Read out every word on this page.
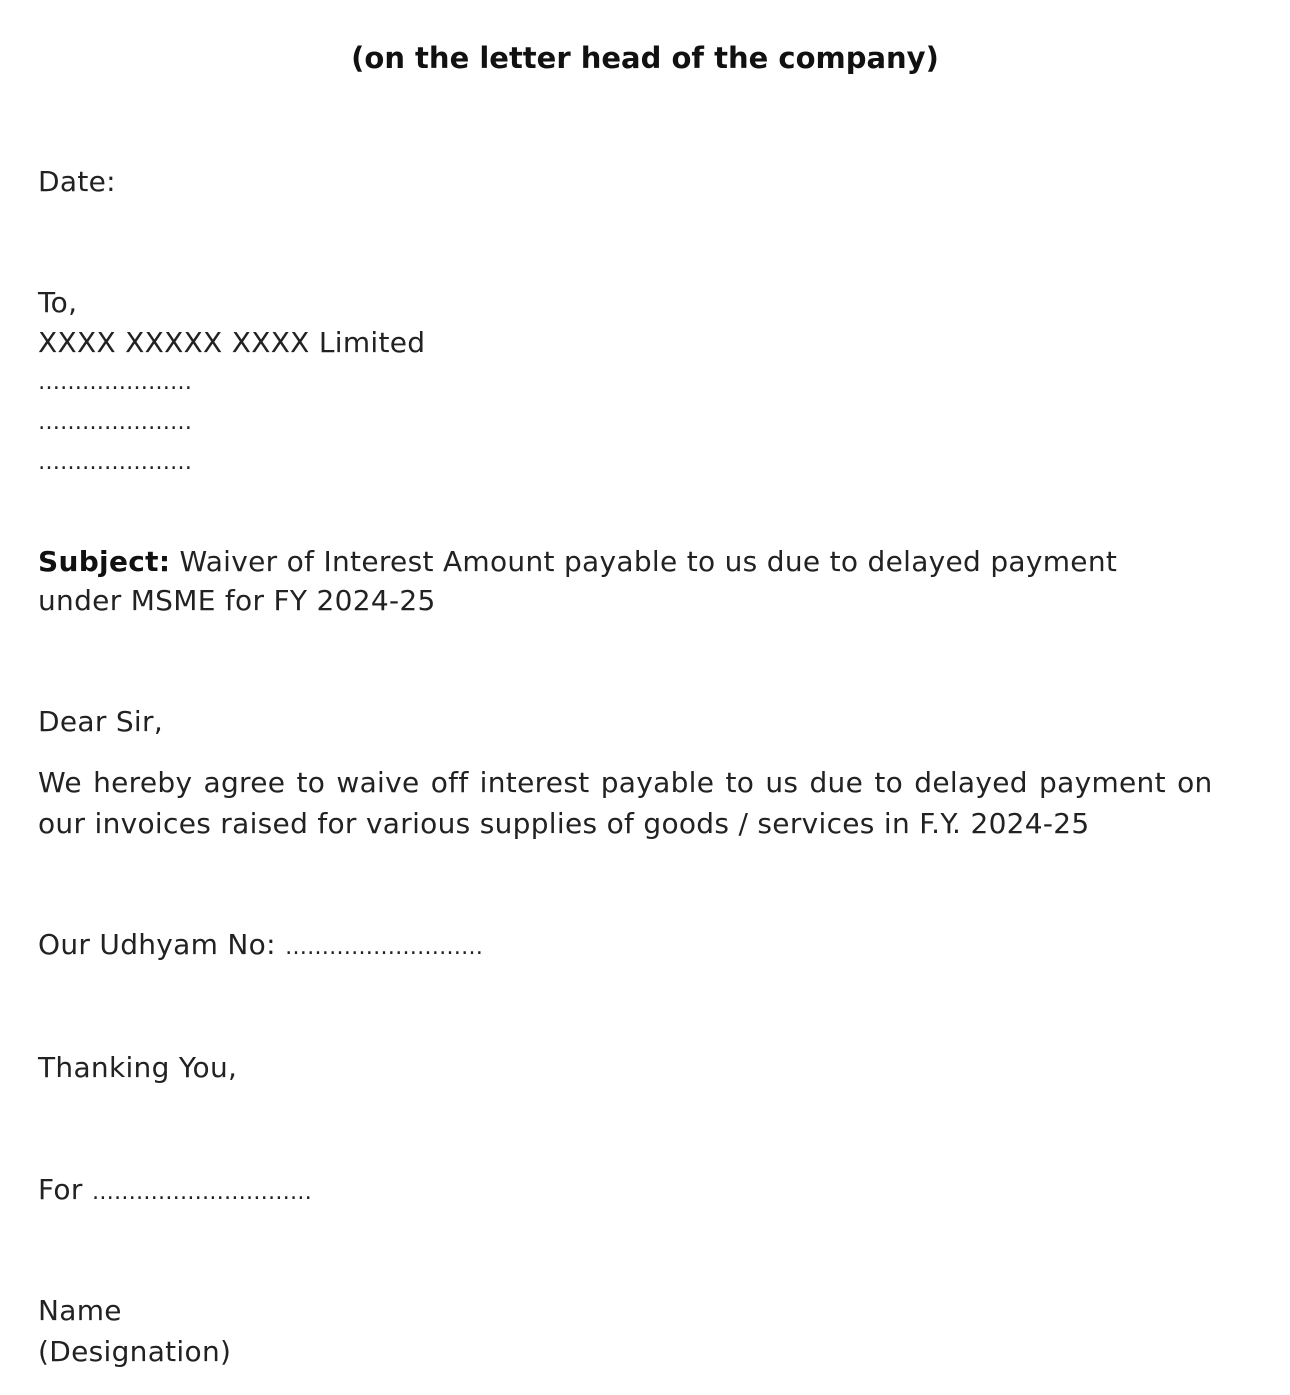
(on the letter head of the company)
Date:
To,
XXXX XXXXX XXXX Limited
…………………
…………………
…………………
Subject: Waiver of Interest Amount payable to us due to delayed payment
under MSME for FY 2024-25
Dear Sir,
We hereby agree to waive off interest payable to us due to delayed payment on
our invoices raised for various supplies of goods / services in F.Y. 2024-25
Our Udhyam No: ………………………
Thanking You,
For …………………………
Name
(Designation)
